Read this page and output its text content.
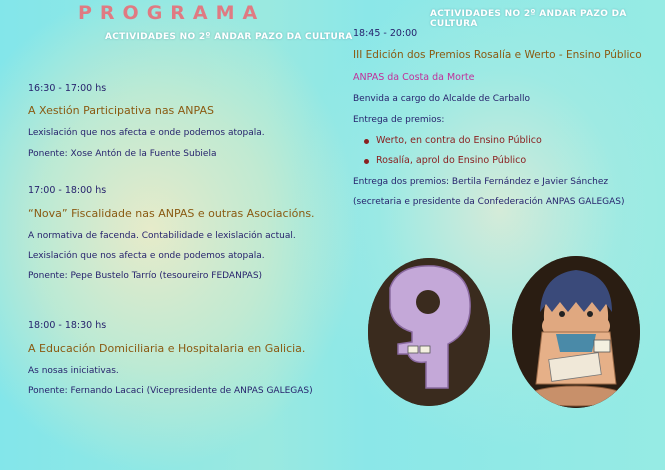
PROGRAMA
ACTIVIDADES NO 2º ANDAR PAZO DA CULTURA
ACTIVIDADES NO 2º ANDAR PAZO DA CULTURA
16:30 - 17:00 hs
A Xestión Participativa nas ANPAS
Lexislación que nos afecta e onde podemos atopala.
Ponente: Xose Antón de la Fuente Subiela
17:00 - 18:00 hs
“Nova” Fiscalidade nas ANPAS e outras Asociacións.
A normativa de facenda. Contabilidade e lexislación actual.
Lexislación que nos afecta e onde podemos atopala.
Ponente: Pepe Bustelo Tarrío (tesoureiro FEDANPAS)
18:00 - 18:30 hs
A Educación Domiciliaria e Hospitalaria en Galicia.
As nosas iniciativas.
Ponente: Fernando Lacaci (Vicepresidente de ANPAS GALEGAS)
18:45 - 20:00
III Edición dos Premios Rosalía e Werto - Ensino Público
ANPAS da Costa da Morte
Benvida a cargo do Alcalde de Carballo
Entrega de premios:
Werto, en contra do Ensino Público
Rosalía, aprol do Ensino Público
Entrega dos premios: Bertila Fernández e Javier Sánchez
(secretaria e presidente da Confederación ANPAS GALEGAS)
